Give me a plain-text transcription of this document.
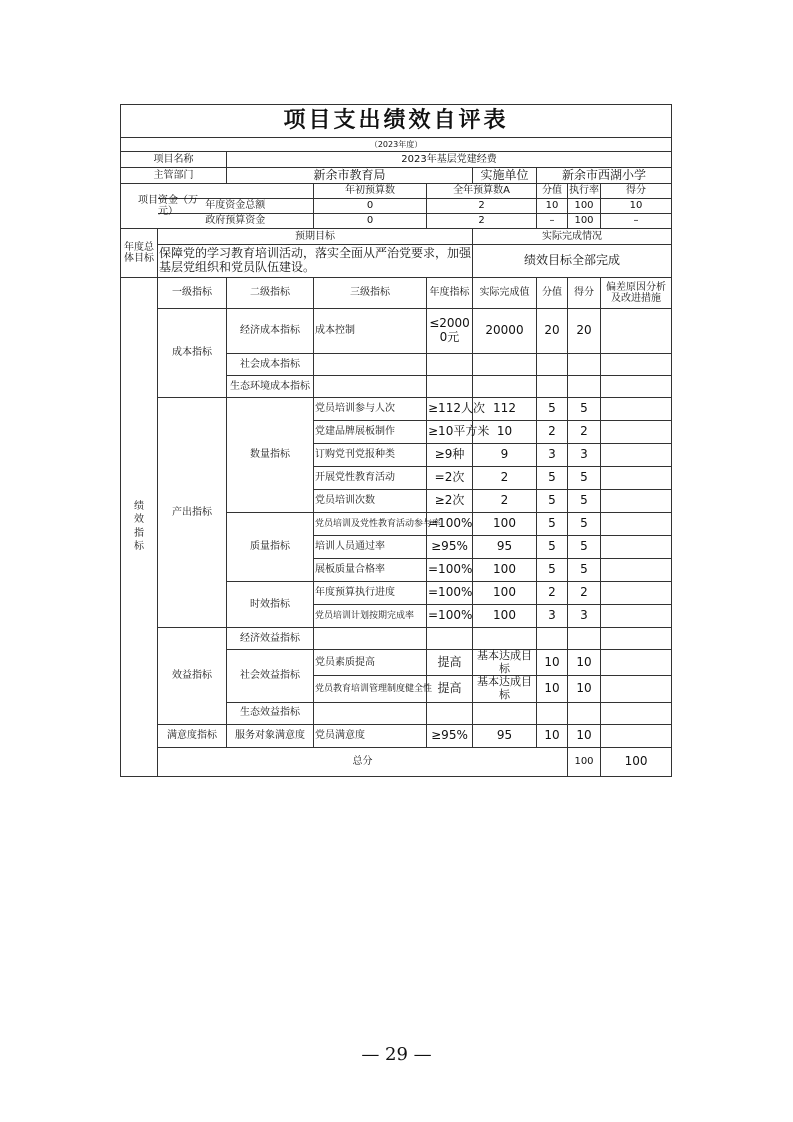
项目支出绩效自评表									
（2023年度）									
项目名称		2023年基层党建经费							
主管部门		新余市教育局			实施单位	新余市西湖小学			
项目资金（万元）			年初预算数	全年预算数A		分值	执行率	得分	
	年度资金总额		0	2		10	100	10	
	政府预算资金		0	2		–	100	–	
年度总体目标	预期目标				实际完成情况				
	保障党的学习教育培训活动，落实全面从严治党要求，加强基层党组织和党员队伍建设。				绩效目标全部完成				

绩效指标	一级指标	二级指标	三级指标	年度指标	实际完成值	分值	得分	偏差原因分析及改进措施	
	成本指标	经济成本指标	成本控制	≤20000元	20000	20	20		
		社会成本指标							
		生态环境成本指标							
	产出指标	数量指标	党员培训参与人次	≥112人次	112	5	5		
			党建品牌展板制作	≥10平方米	10	2	2		
			订购党刊党报种类	≥9种	9	3	3		
			开展党性教育活动	=2次	2	5	5		
			党员培训次数	≥2次	2	5	5		
		质量指标	党员培训及党性教育活动参与率	=100%	100	5	5		
			培训人员通过率	≥95%	95	5	5		
			展板质量合格率	=100%	100	5	5		
		时效指标	年度预算执行进度	=100%	100	2	2		
			党员培训计划按期完成率	=100%	100	3	3		
	效益指标	经济效益指标							
		社会效益指标	党员素质提高	提高	基本达成目标	10	10		
			党员教育培训管理制度健全性	提高	基本达成目标	10	10		
		生态效益指标							
	满意度指标	服务对象满意度	党员满意度	≥95%	95	10	10		
	总分						100	100	
— 29 —
